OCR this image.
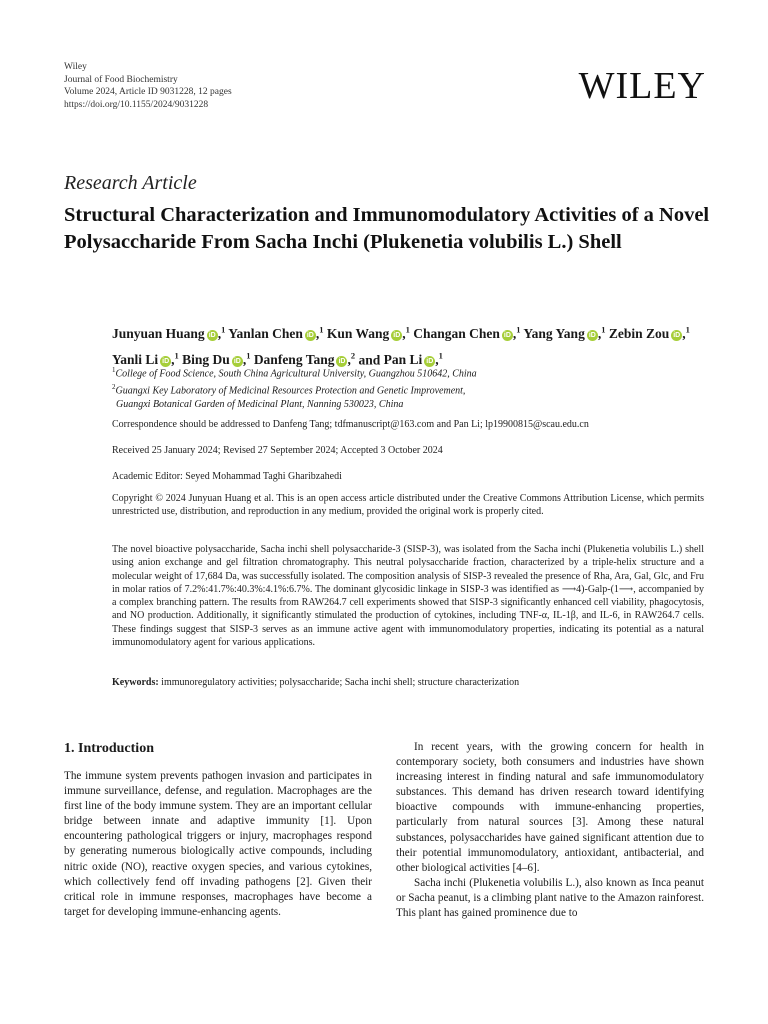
Wiley
Journal of Food Biochemistry
Volume 2024, Article ID 9031228, 12 pages
https://doi.org/10.1155/2024/9031228	WILEY
Research Article
Structural Characterization and Immunomodulatory Activities of a Novel Polysaccharide From Sacha Inchi (Plukenetia volubilis L.) Shell
Junyuan Huang iD ,$^1$ Yanlan Chen iD ,$^1$ Kun Wang iD ,$^1$ Changan Chen iD ,$^1$ Yang Yang iD ,$^1$ Zebin Zou iD ,$^1$ Yanli Li iD ,$^1$ Bing Du iD ,$^1$ Danfeng Tang iD ,$^2$ and Pan Li iD ,$^1$
$^1$College of Food Science, South China Agricultural University, Guangzhou 510642, China
$^2$Guangxi Key Laboratory of Medicinal Resources Protection and Genetic Improvement,
Guangxi Botanical Garden of Medicinal Plant, Nanning 530023, China
Correspondence should be addressed to Danfeng Tang; tdfmanuscript@163.com and Pan Li; lp19900815@scau.edu.cn
Received 25 January 2024; Revised 27 September 2024; Accepted 3 October 2024
Academic Editor: Seyed Mohammad Taghi Gharibzahedi
Copyright © 2024 Junyuan Huang et al. This is an open access article distributed under the Creative Commons Attribution License, which permits unrestricted use, distribution, and reproduction in any medium, provided the original work is properly cited.
The novel bioactive polysaccharide, Sacha inchi shell polysaccharide-3 (SISP-3), was isolated from the Sacha inchi (Plukenetia volubilis L.) shell using anion exchange and gel filtration chromatography. This neutral polysaccharide fraction, characterized by a triple-helix structure and a molecular weight of 17,684 Da, was successfully isolated. The composition analysis of SISP-3 revealed the presence of Rha, Ara, Gal, Glc, and Fru in molar ratios of 7.2%:41.7%:40.3%:4.1%:6.7%. The dominant glycosidic linkage in SISP-3 was identified as ⟶4)-Galp-(1⟶, accompanied by a complex branching pattern. The results from RAW264.7 cell experiments showed that SISP-3 significantly enhanced cell viability, phagocytosis, and NO production. Additionally, it significantly stimulated the production of cytokines, including TNF-α, IL-1β, and IL-6, in RAW264.7 cells. These findings suggest that SISP-3 serves as an immune active agent with immunomodulatory properties, indicating its potential as a natural immunomodulatory agent for various applications.
Keywords: immunoregulatory activities; polysaccharide; Sacha inchi shell; structure characterization
1. Introduction

The immune system prevents pathogen invasion and participates in immune surveillance, defense, and regulation. Macrophages are the first line of the body immune system. They are an important cellular bridge between innate and adaptive immunity [1]. Upon encountering pathological triggers or injury, macrophages respond by generating numerous biologically active compounds, including nitric oxide (NO), reactive oxygen species, and various cytokines, which collectively fend off invading pathogens [2]. Given their critical role in immune responses, macrophages have become a target for developing immune-enhancing agents.

In recent years, with the growing concern for health in contemporary society, both consumers and industries have shown increasing interest in finding natural and safe immunomodulatory substances. This demand has driven research toward identifying bioactive compounds with immune-enhancing properties, particularly from natural sources [3]. Among these natural substances, polysaccharides have gained significant attention due to their potential immunomodulatory, antioxidant, antibacterial, and other biological activities [4–6].

Sacha inchi (Plukenetia volubilis L.), also known as Inca peanut or Sacha peanut, is a climbing plant native to the Amazon rainforest. This plant has gained prominence due to
